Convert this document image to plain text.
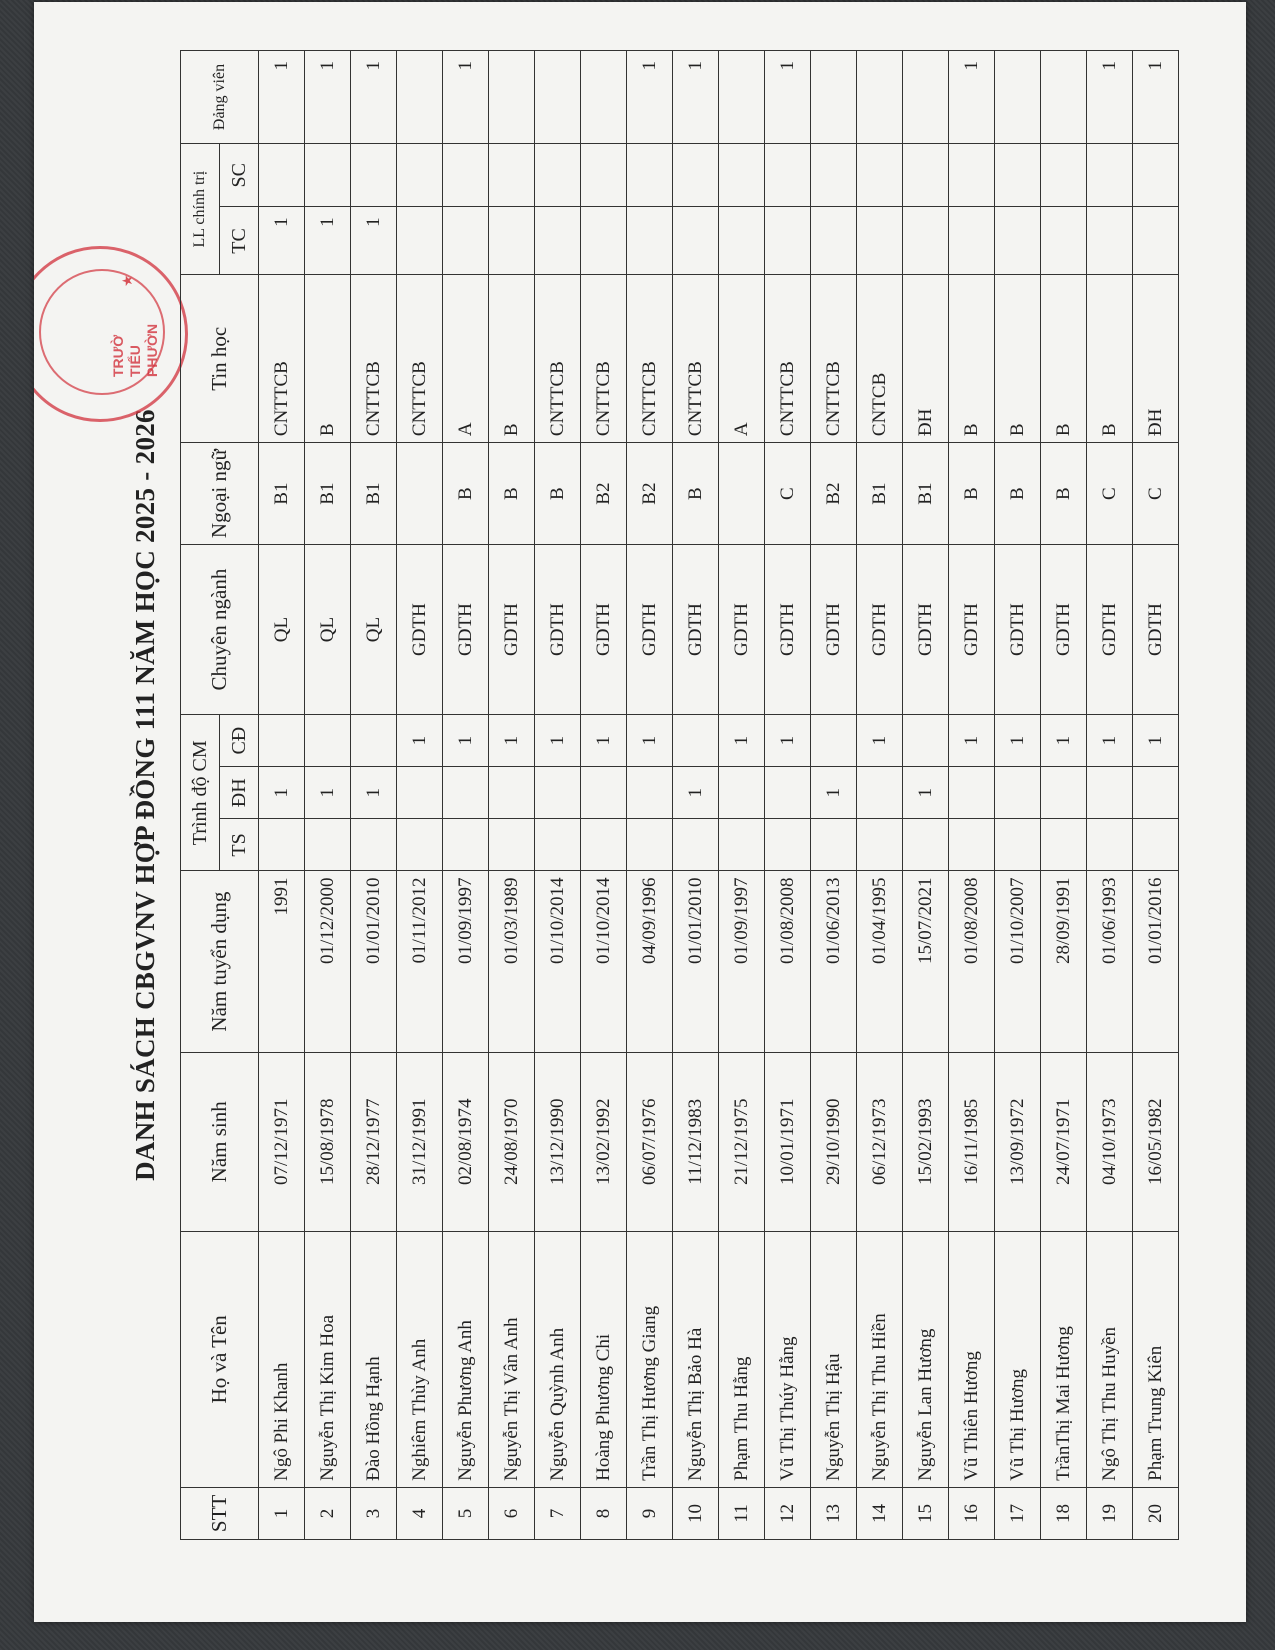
DANH SÁCH CBGVNV HỢP ĐỒNG 111 NĂM HỌC 2025 - 2026
TRƯỜ TIỂU PHƯỜN
★
STT	Họ và Tên	Năm sinh	Năm tuyển dụng	Trình độ CM			Chuyên ngành	Ngoại ngữ	Tin học	LL chính trị		Đảng viên
				TS	ĐH	CĐ				TC	SC	
1	Ngô Phi Khanh	07/12/1971	1991		1		QL	B1	CNTTCB	1		1
2	Nguyễn Thị Kim Hoa	15/08/1978	01/12/2000		1		QL	B1	B	1		1
3	Đào Hồng Hạnh	28/12/1977	01/01/2010		1		QL	B1	CNTTCB	1		1
4	Nghiêm Thùy Anh	31/12/1991	01/11/2012			1	GDTH		CNTTCB			
5	Nguyễn Phương Anh	02/08/1974	01/09/1997			1	GDTH	B	A			1
6	Nguyễn Thị Vân Anh	24/08/1970	01/03/1989			1	GDTH	B	B			
7	Nguyễn Quỳnh Anh	13/12/1990	01/10/2014			1	GDTH	B	CNTTCB			
8	Hoàng Phương Chi	13/02/1992	01/10/2014			1	GDTH	B2	CNTTCB			
9	Trần Thị Hương Giang	06/07/1976	04/09/1996			1	GDTH	B2	CNTTCB			1
10	Nguyễn Thị Bảo Hà	11/12/1983	01/01/2010		1		GDTH	B	CNTTCB			1
11	Phạm Thu Hằng	21/12/1975	01/09/1997			1	GDTH		A			
12	Vũ Thị Thúy Hằng	10/01/1971	01/08/2008			1	GDTH	C	CNTTCB			1
13	Nguyễn Thị Hậu	29/10/1990	01/06/2013		1		GDTH	B2	CNTTCB			
14	Nguyễn Thị Thu Hiền	06/12/1973	01/04/1995			1	GDTH	B1	CNTCB			
15	Nguyễn Lan Hương	15/02/1993	15/07/2021		1		GDTH	B1	ĐH			
16	Vũ Thiên Hương	16/11/1985	01/08/2008			1	GDTH	B	B			1
17	Vũ Thị Hương	13/09/1972	01/10/2007			1	GDTH	B	B			
18	TrầnThị Mai Hương	24/07/1971	28/09/1991			1	GDTH	B	B			
19	Ngô Thị Thu Huyền	04/10/1973	01/06/1993			1	GDTH	C	B			1
20	Phạm Trung Kiên	16/05/1982	01/01/2016			1	GDTH	C	ĐH			1
